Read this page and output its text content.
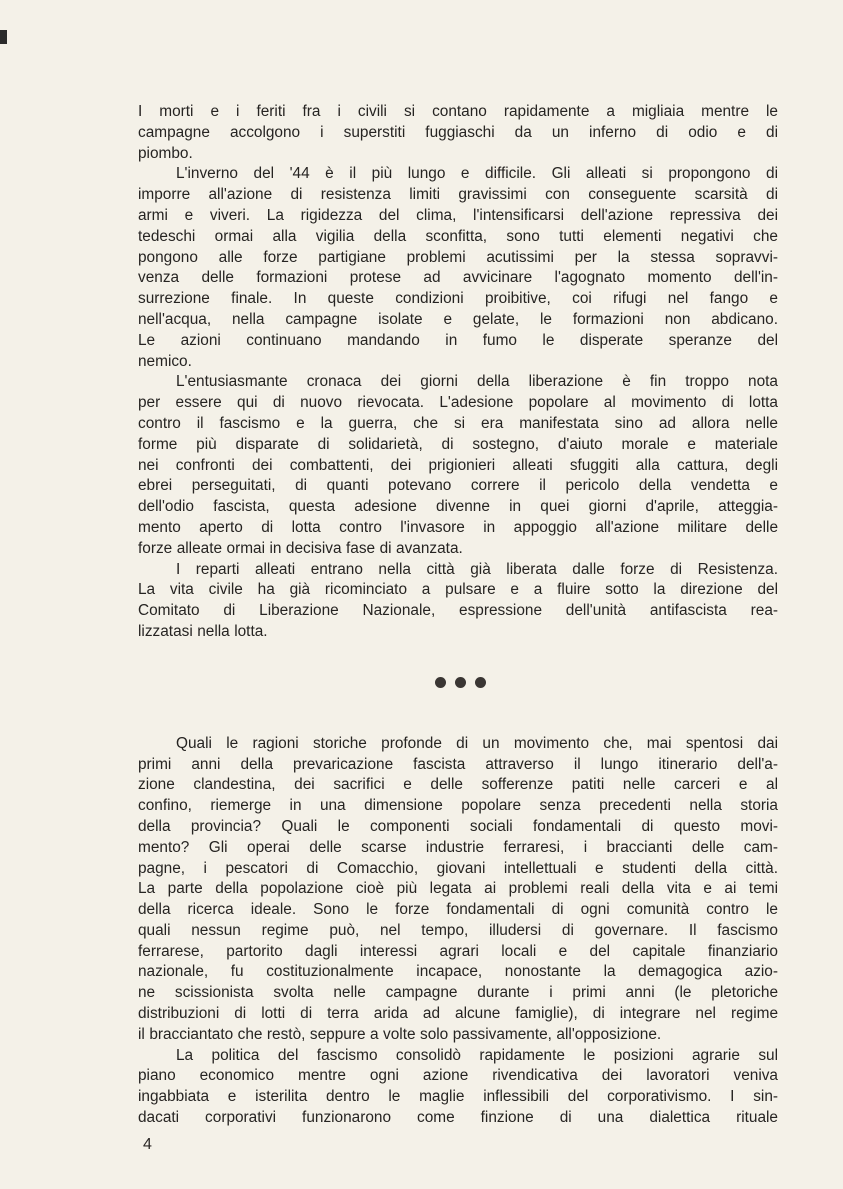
I morti e i feriti fra i civili si contano rapidamente a migliaia mentre le
campagne accolgono i superstiti fuggiaschi da un inferno di odio e di
piombo.

L'inverno del '44 è il più lungo e difficile. Gli alleati si propongono di
imporre all'azione di resistenza limiti gravissimi con conseguente scarsità di
armi e viveri. La rigidezza del clima, l'intensificarsi dell'azione repressiva dei
tedeschi ormai alla vigilia della sconfitta, sono tutti elementi negativi che
pongono alle forze partigiane problemi acutissimi per la stessa sopravvi-
venza delle formazioni protese ad avvicinare l'agognato momento dell'in-
surrezione finale. In queste condizioni proibitive, coi rifugi nel fango e
nell'acqua, nella campagne isolate e gelate, le formazioni non abdicano.
Le azioni continuano mandando in fumo le disperate speranze del
nemico.

L'entusiasmante cronaca dei giorni della liberazione è fin troppo nota
per essere qui di nuovo rievocata. L'adesione popolare al movimento di lotta
contro il fascismo e la guerra, che si era manifestata sino ad allora nelle
forme più disparate di solidarietà, di sostegno, d'aiuto morale e materiale
nei confronti dei combattenti, dei prigionieri alleati sfuggiti alla cattura, degli
ebrei perseguitati, di quanti potevano correre il pericolo della vendetta e
dell'odio fascista, questa adesione divenne in quei giorni d'aprile, atteggia-
mento aperto di lotta contro l'invasore in appoggio all'azione militare delle
forze alleate ormai in decisiva fase di avanzata.

I reparti alleati entrano nella città già liberata dalle forze di Resistenza.
La vita civile ha già ricominciato a pulsare e a fluire sotto la direzione del
Comitato di Liberazione Nazionale, espressione dell'unità antifascista rea-
lizzatasi nella lotta.

Quali le ragioni storiche profonde di un movimento che, mai spentosi dai
primi anni della prevaricazione fascista attraverso il lungo itinerario dell'a-
zione clandestina, dei sacrifici e delle sofferenze patiti nelle carceri e al
confino, riemerge in una dimensione popolare senza precedenti nella storia
della provincia? Quali le componenti sociali fondamentali di questo movi-
mento? Gli operai delle scarse industrie ferraresi, i braccianti delle cam-
pagne, i pescatori di Comacchio, giovani intellettuali e studenti della città.
La parte della popolazione cioè più legata ai problemi reali della vita e ai temi
della ricerca ideale. Sono le forze fondamentali di ogni comunità contro le
quali nessun regime può, nel tempo, illudersi di governare. Il fascismo
ferrarese, partorito dagli interessi agrari locali e del capitale finanziario
nazionale, fu costituzionalmente incapace, nonostante la demagogica azio-
ne scissionista svolta nelle campagne durante i primi anni (le pletoriche
distribuzioni di lotti di terra arida ad alcune famiglie), di integrare nel regime
il bracciantato che restò, seppure a volte solo passivamente, all'opposizione.

La politica del fascismo consolidò rapidamente le posizioni agrarie sul
piano economico mentre ogni azione rivendicativa dei lavoratori veniva
ingabbiata e isterilita dentro le maglie inflessibili del corporativismo. I sin-
dacati corporativi funzionarono come finzione di una dialettica rituale

4
